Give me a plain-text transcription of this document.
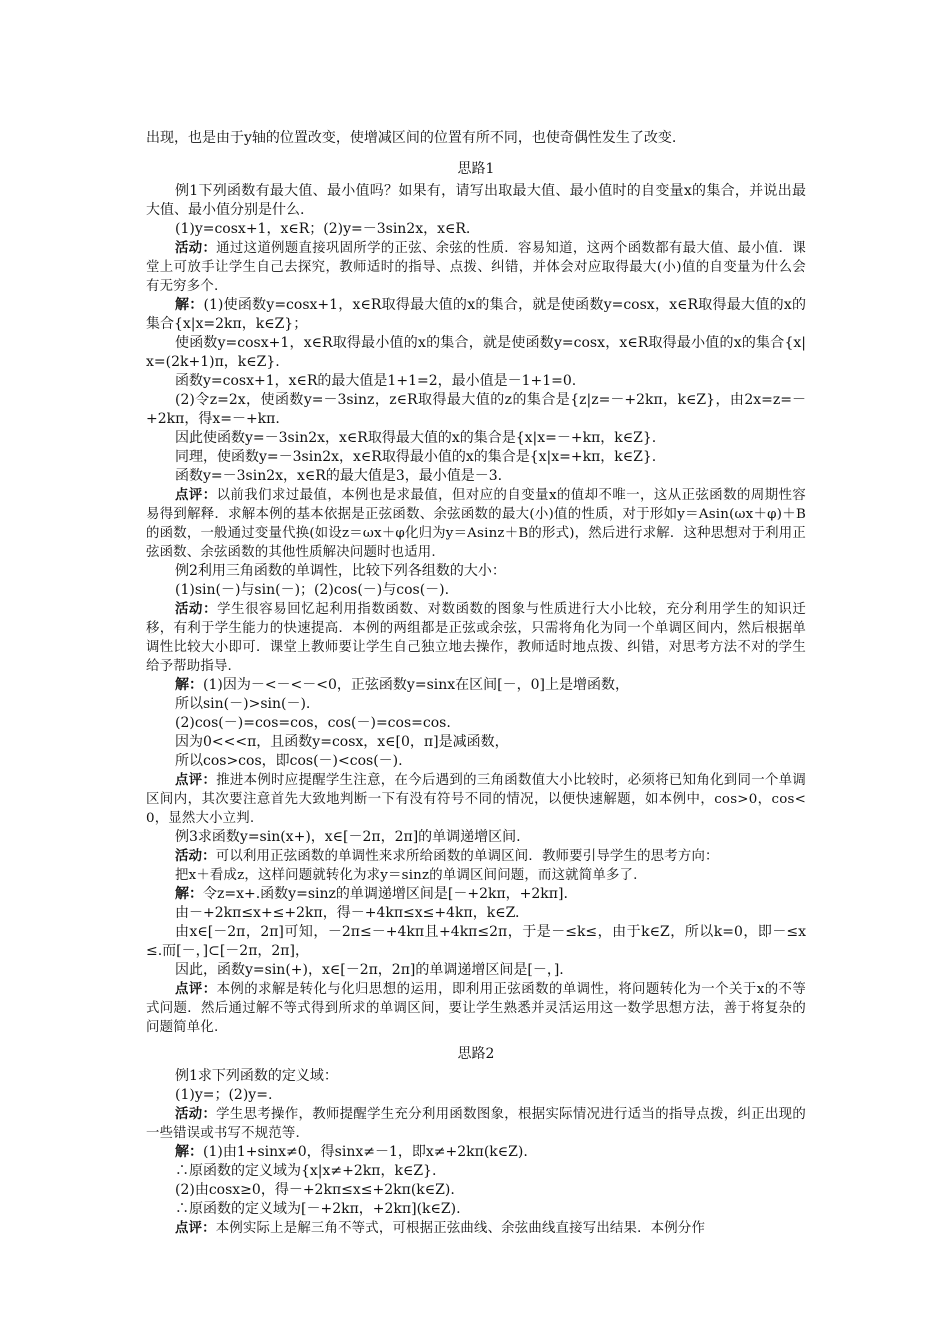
出现，也是由于y轴的位置改变，使增减区间的位置有所不同，也使奇偶性发生了改变.

思路1

例1下列函数有最大值、最小值吗？如果有，请写出取最大值、最小值时的自变量x的集合，并说出最大值、最小值分别是什么.

(1)y=cosx+1，x∈R；(2)y=－3sin2x，x∈R.

活动：通过这道例题直接巩固所学的正弦、余弦的性质．容易知道，这两个函数都有最大值、最小值．课堂上可放手让学生自己去探究，教师适时的指导、点拨、纠错，并体会对应取得最大(小)值的自变量为什么会有无穷多个.

解：(1)使函数y=cosx+1，x∈R取得最大值的x的集合，就是使函数y=cosx，x∈R取得最大值的x的集合{x|x=2kπ，k∈Z}；

使函数y=cosx+1，x∈R取得最小值的x的集合，就是使函数y=cosx，x∈R取得最小值的x的集合{x|x=(2k+1)π，k∈Z}.

函数y=cosx+1，x∈R的最大值是1+1=2，最小值是－1+1=0.

(2)令z=2x，使函数y=－3sinz，z∈R取得最大值的z的集合是{z|z=－+2kπ，k∈Z}，由2x=z=－+2kπ，得x=－+kπ.

因此使函数y=－3sin2x，x∈R取得最大值的x的集合是{x|x=－+kπ，k∈Z}.

同理，使函数y=－3sin2x，x∈R取得最小值的x的集合是{x|x=+kπ，k∈Z}.

函数y=－3sin2x，x∈R的最大值是3，最小值是－3.

点评：以前我们求过最值，本例也是求最值，但对应的自变量x的值却不唯一，这从正弦函数的周期性容易得到解释．求解本例的基本依据是正弦函数、余弦函数的最大(小)值的性质，对于形如y＝Asin(ωx＋φ)＋B的函数，一般通过变量代换(如设z＝ωx＋φ化归为y＝Asinz＋B的形式)，然后进行求解．这种思想对于利用正弦函数、余弦函数的其他性质解决问题时也适用.

例2利用三角函数的单调性，比较下列各组数的大小：

(1)sin(－)与sin(－)；(2)cos(－)与cos(－).

活动：学生很容易回忆起利用指数函数、对数函数的图象与性质进行大小比较，充分利用学生的知识迁移，有利于学生能力的快速提高．本例的两组都是正弦或余弦，只需将角化为同一个单调区间内，然后根据单调性比较大小即可．课堂上教师要让学生自己独立地去操作，教师适时地点拨、纠错，对思考方法不对的学生给予帮助指导.

解：(1)因为－<－<－<0，正弦函数y=sinx在区间[－，0]上是增函数，

所以sin(－)>sin(－).

(2)cos(－)=cos=cos，cos(－)=cos=cos.

因为0<<<π，且函数y=cosx，x∈[0，π]是减函数，

所以cos>cos，即cos(－)<cos(－).

点评：推进本例时应提醒学生注意，在今后遇到的三角函数值大小比较时，必须将已知角化到同一个单调区间内，其次要注意首先大致地判断一下有没有符号不同的情况，以便快速解题，如本例中，cos>0，cos<0，显然大小立判.

例3求函数y=sin(x+)，x∈[－2π，2π]的单调递增区间.

活动：可以利用正弦函数的单调性来求所给函数的单调区间．教师要引导学生的思考方向：

把x＋看成z，这样问题就转化为求y＝sinz的单调区间问题，而这就简单多了.

解：令z=x+.函数y=sinz的单调递增区间是[－+2kπ，+2kπ].

由－+2kπ≤x+≤+2kπ，得－+4kπ≤x≤+4kπ，k∈Z.

由x∈[－2π，2π]可知，－2π≤－+4kπ且+4kπ≤2π，于是－≤k≤，由于k∈Z，所以k=0，即－≤x≤.而[－，]⊂[－2π，2π]，

因此，函数y=sin(+)，x∈[－2π，2π]的单调递增区间是[－，].

点评：本例的求解是转化与化归思想的运用，即利用正弦函数的单调性，将问题转化为一个关于x的不等式问题．然后通过解不等式得到所求的单调区间，要让学生熟悉并灵活运用这一数学思想方法，善于将复杂的问题简单化.

思路2

例1求下列函数的定义域：

(1)y=；(2)y=.

活动：学生思考操作，教师提醒学生充分利用函数图象，根据实际情况进行适当的指导点拨，纠正出现的一些错误或书写不规范等.

解：(1)由1+sinx≠0，得sinx≠－1，即x≠+2kπ(k∈Z).

∴原函数的定义域为{x|x≠+2kπ，k∈Z}.

(2)由cosx≥0，得－+2kπ≤x≤+2kπ(k∈Z).

∴原函数的定义域为[－+2kπ，+2kπ](k∈Z).

点评：本例实际上是解三角不等式，可根据正弦曲线、余弦曲线直接写出结果．本例分作
